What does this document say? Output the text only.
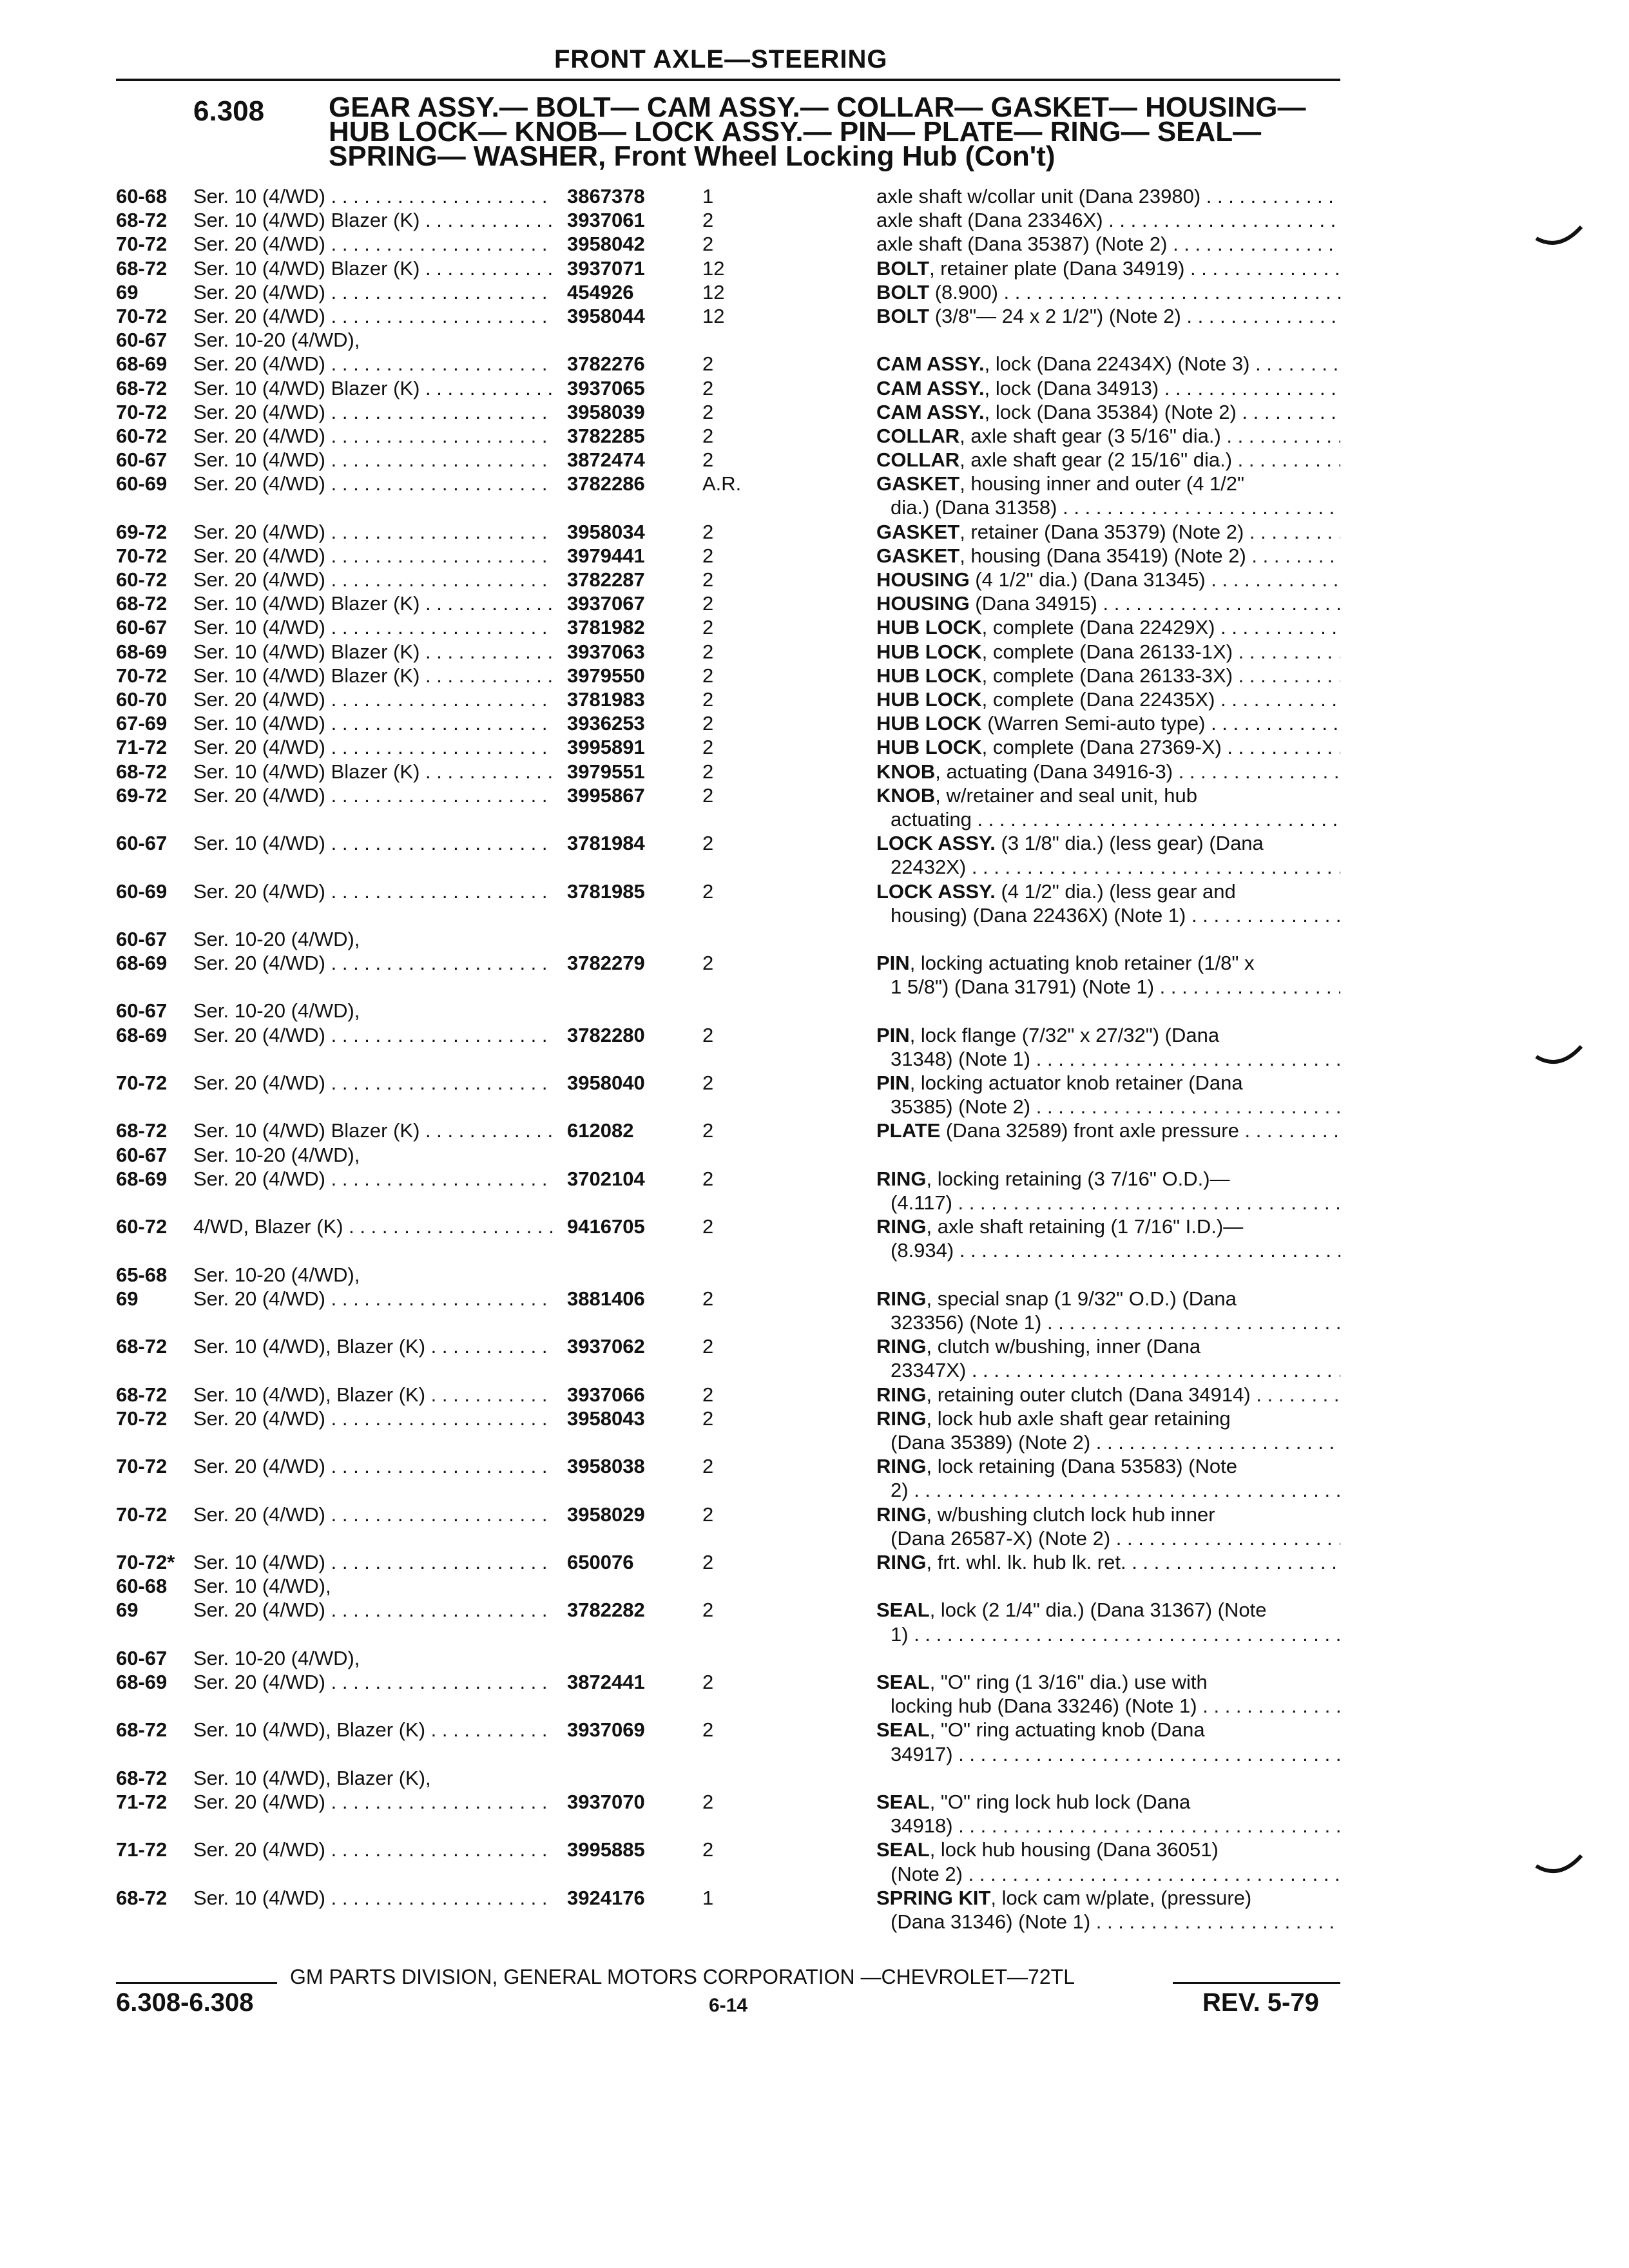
FRONT AXLE—STEERING
6.308 GEAR ASSY.— BOLT— CAM ASSY.— COLLAR— GASKET— HOUSING—
HUB LOCK— KNOB— LOCK ASSY.— PIN— PLATE— RING— SEAL—
SPRING— WASHER, Front Wheel Locking Hub (Con't)
60-68 Ser. 10 (4/WD) . . .	3867378	1	axle shaft w/collar unit (Dana 23980) . . .
68-72 Ser. 10 (4/WD) Blazer (K) . . .	3937061	2	axle shaft (Dana 23346X) . . .
70-72 Ser. 20 (4/WD) . . .	3958042	2	axle shaft (Dana 35387) (Note 2) . . .
68-72 Ser. 10 (4/WD) Blazer (K) . . .	3937071	12	BOLT, retainer plate (Dana 34919) . . .
69	Ser. 20 (4/WD) . . .	454926	12	BOLT (8.900) . . .
70-72 Ser. 20 (4/WD) . . .	3958044	12	BOLT (3/8"— 24 x 2 1/2") (Note 2) . . .
60-67 Ser. 10-20 (4/WD),
68-69 Ser. 20 (4/WD) . . .	3782276	2	CAM ASSY., lock (Dana 22434X) (Note 3) . . .
68-72 Ser. 10 (4/WD) Blazer (K) . . .	3937065	2	CAM ASSY., lock (Dana 34913) . . .
70-72 Ser. 20 (4/WD) . . .	3958039	2	CAM ASSY., lock (Dana 35384) (Note 2) . . .
60-72 Ser. 20 (4/WD) . . .	3782285	2	COLLAR, axle shaft gear (3 5/16" dia.) . . .
60-67 Ser. 10 (4/WD) . . .	3872474	2	COLLAR, axle shaft gear (2 15/16" dia.) . . .
60-69 Ser. 20 (4/WD) . . .	3782286	A.R.	GASKET, housing inner and outer (4 1/2"
dia.) (Dana 31358) . . .
69-72 Ser. 20 (4/WD) . . .	3958034	2	GASKET, retainer (Dana 35379) (Note 2) . . .
70-72 Ser. 20 (4/WD) . . .	3979441	2	GASKET, housing (Dana 35419) (Note 2) . . .
60-72 Ser. 20 (4/WD) . . .	3782287	2	HOUSING (4 1/2" dia.) (Dana 31345) . . .
68-72 Ser. 10 (4/WD) Blazer (K) . . .	3937067	2	HOUSING (Dana 34915) . . .
60-67 Ser. 10 (4/WD) . . .	3781982	2	HUB LOCK, complete (Dana 22429X) . . .
68-69 Ser. 10 (4/WD) Blazer (K) . . .	3937063	2	HUB LOCK, complete (Dana 26133-1X) . . .
70-72 Ser. 10 (4/WD) Blazer (K) . . .	3979550	2	HUB LOCK, complete (Dana 26133-3X) . . .
60-70 Ser. 20 (4/WD) . . .	3781983	2	HUB LOCK, complete (Dana 22435X) . . .
67-69 Ser. 10 (4/WD) . . .	3936253	2	HUB LOCK (Warren Semi-auto type) . . .
71-72 Ser. 20 (4/WD) . . .	3995891	2	HUB LOCK, complete (Dana 27369-X) . . .
68-72 Ser. 10 (4/WD) Blazer (K) . . .	3979551	2	KNOB, actuating (Dana 34916-3) . . .
69-72 Ser. 20 (4/WD) . . .	3995867	2	KNOB, w/retainer and seal unit, hub
actuating . . .
60-67 Ser. 10 (4/WD) . . .	3781984	2	LOCK ASSY. (3 1/8" dia.) (less gear) (Dana
22432X) . . .
60-69 Ser. 20 (4/WD) . . .	3781985	2	LOCK ASSY. (4 1/2" dia.) (less gear and
housing) (Dana 22436X) (Note 1) . . .
60-67 Ser. 10-20 (4/WD),
68-69 Ser. 20 (4/WD) . . .	3782279	2	PIN, locking actuating knob retainer (1/8" x
1 5/8") (Dana 31791) (Note 1) . . .
60-67 Ser. 10-20 (4/WD),
68-69 Ser. 20 (4/WD) . . .	3782280	2	PIN, lock flange (7/32" x 27/32") (Dana
31348) (Note 1) . . .
70-72 Ser. 20 (4/WD) . . .	3958040	2	PIN, locking actuator knob retainer (Dana
35385) (Note 2) . . .
68-72 Ser. 10 (4/WD) Blazer (K) . . .	612082	2	PLATE (Dana 32589) front axle pressure . . .
60-67 Ser. 10-20 (4/WD),
68-69 Ser. 20 (4/WD) . . .	3702104	2	RING, locking retaining (3 7/16" O.D.)—
(4.117) . . .
60-72 4/WD, Blazer (K) . . .	9416705	2	RING, axle shaft retaining (1 7/16" I.D.)—
(8.934) . . .
65-68 Ser. 10-20 (4/WD),
69	Ser. 20 (4/WD) . . .	3881406	2	RING, special snap (1 9/32" O.D.) (Dana
323356) (Note 1) . . .
68-72 Ser. 10 (4/WD), Blazer (K) . . .	3937062	2	RING, clutch w/bushing, inner (Dana
23347X) . . .
68-72 Ser. 10 (4/WD), Blazer (K) . . .	3937066	2	RING, retaining outer clutch (Dana 34914) . . .
70-72 Ser. 20 (4/WD) . . .	3958043	2	RING, lock hub axle shaft gear retaining
(Dana 35389) (Note 2) . . .
70-72 Ser. 20 (4/WD) . . .	3958038	2	RING, lock retaining (Dana 53583) (Note
2) . . .
70-72 Ser. 20 (4/WD) . . .	3958029	2	RING, w/bushing clutch lock hub inner
(Dana 26587-X) (Note 2) . . .
70-72* Ser. 10 (4/WD) . . .	650076	2	RING, frt. whl. lk. hub lk. ret. . . .
60-68 Ser. 10 (4/WD),
69	Ser. 20 (4/WD) . . .	3782282	2	SEAL, lock (2 1/4" dia.) (Dana 31367) (Note
1) . . .
60-67 Ser. 10-20 (4/WD),
68-69 Ser. 20 (4/WD) . . .	3872441	2	SEAL, "O" ring (1 3/16" dia.) use with
locking hub (Dana 33246) (Note 1) . . .
68-72 Ser. 10 (4/WD), Blazer (K) . . .	3937069	2	SEAL, "O" ring actuating knob (Dana
34917) . . .
68-72 Ser. 10 (4/WD), Blazer (K),
71-72 Ser. 20 (4/WD) . . .	3937070	2	SEAL, "O" ring lock hub lock (Dana
34918) . . .
71-72 Ser. 20 (4/WD) . . .	3995885	2	SEAL, lock hub housing (Dana 36051)
(Note 2) . . .
68-72 Ser. 10 (4/WD) . . .	3924176	1	SPRING KIT, lock cam w/plate, (pressure)
(Dana 31346) (Note 1) . . .
GM PARTS DIVISION, GENERAL MOTORS CORPORATION —CHEVROLET—72TL
6.308-6.308	6-14	REV. 5-79
